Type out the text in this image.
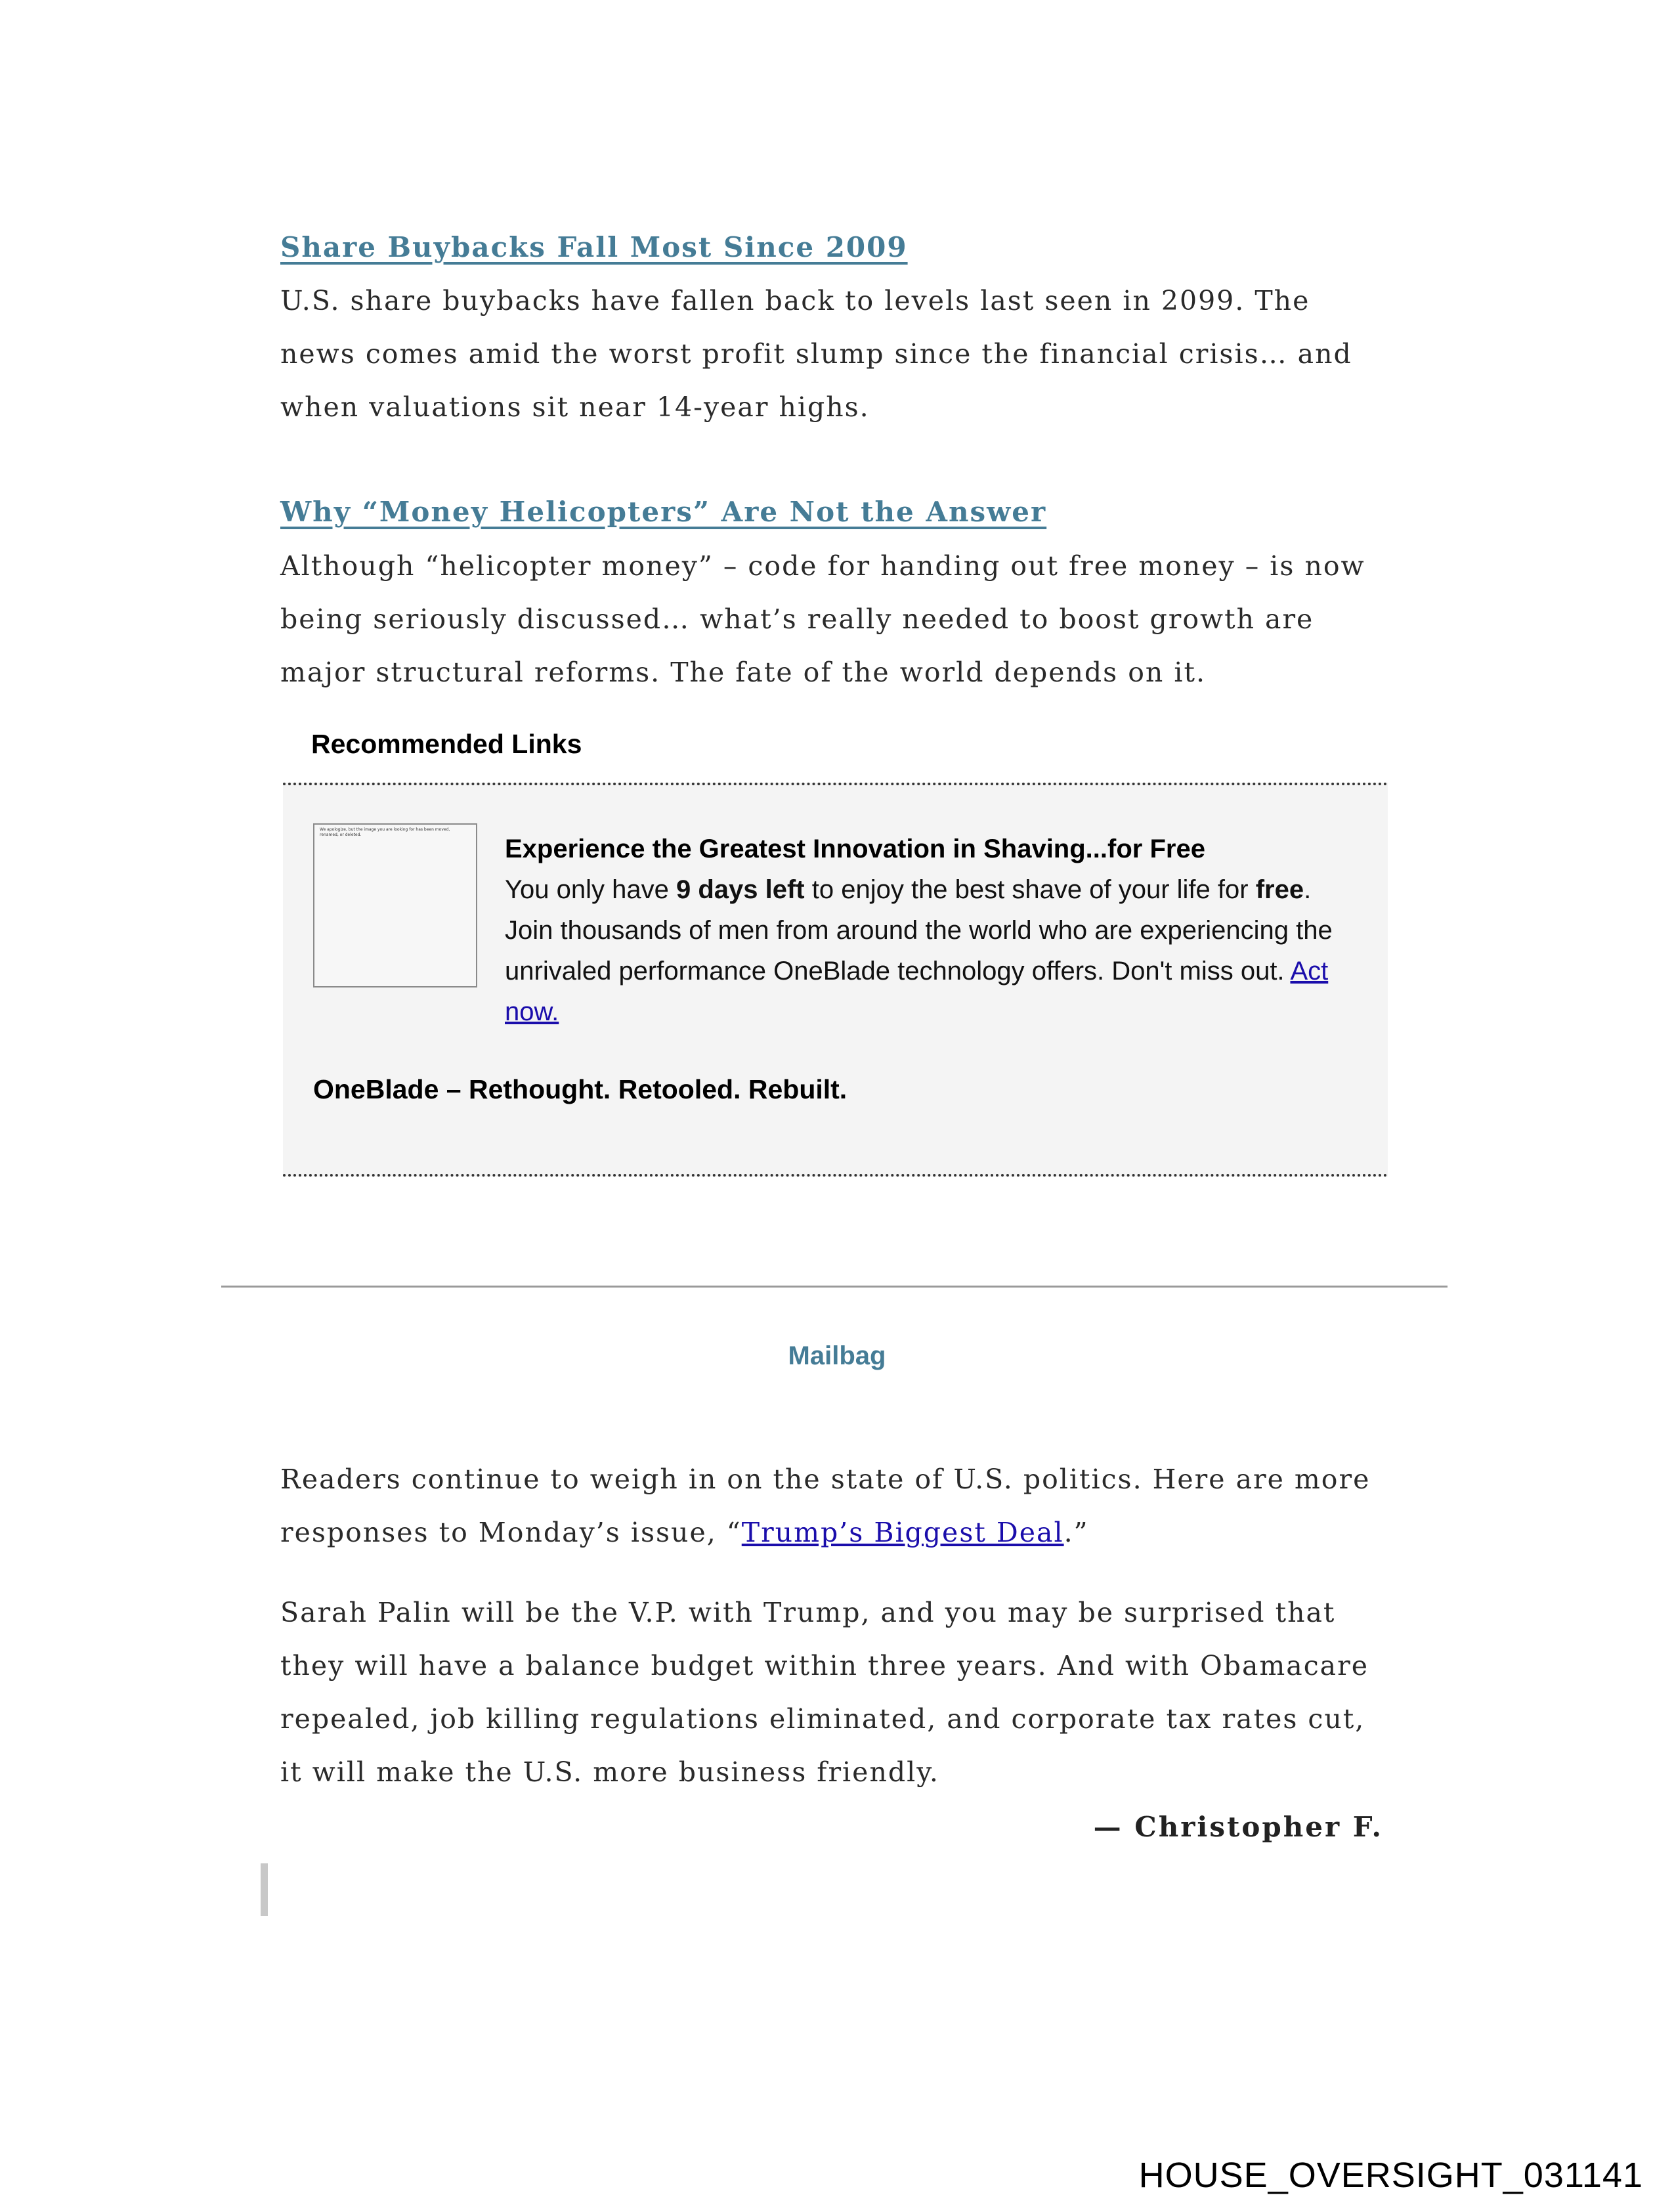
Share Buybacks Fall Most Since 2009
U.S. share buybacks have fallen back to levels last seen in 2099. The news comes amid the worst profit slump since the financial crisis… and when valuations sit near 14-year highs.
Why “Money Helicopters” Are Not the Answer
Although “helicopter money” – code for handing out free money – is now being seriously discussed… what’s really needed to boost growth are major structural reforms. The fate of the world depends on it.
Recommended Links
We apologize, but the image you are looking for has been moved, renamed, or deleted.	Experience the Greatest Innovation in Shaving...for Free
You only have 9 days left to enjoy the best shave of your life for free. Join thousands of men from around the world who are experiencing the unrivaled performance OneBlade technology offers. Don't miss out. Act now.
OneBlade – Rethought. Retooled. Rebuilt.
Mailbag
Readers continue to weigh in on the state of U.S. politics. Here are more responses to Monday’s issue, “Trump’s Biggest Deal.”
Sarah Palin will be the V.P. with Trump, and you may be surprised that they will have a balance budget within three years. And with Obamacare repealed, job killing regulations eliminated, and corporate tax rates cut, it will make the U.S. more business friendly.
— Christopher F.
HOUSE_OVERSIGHT_031141
